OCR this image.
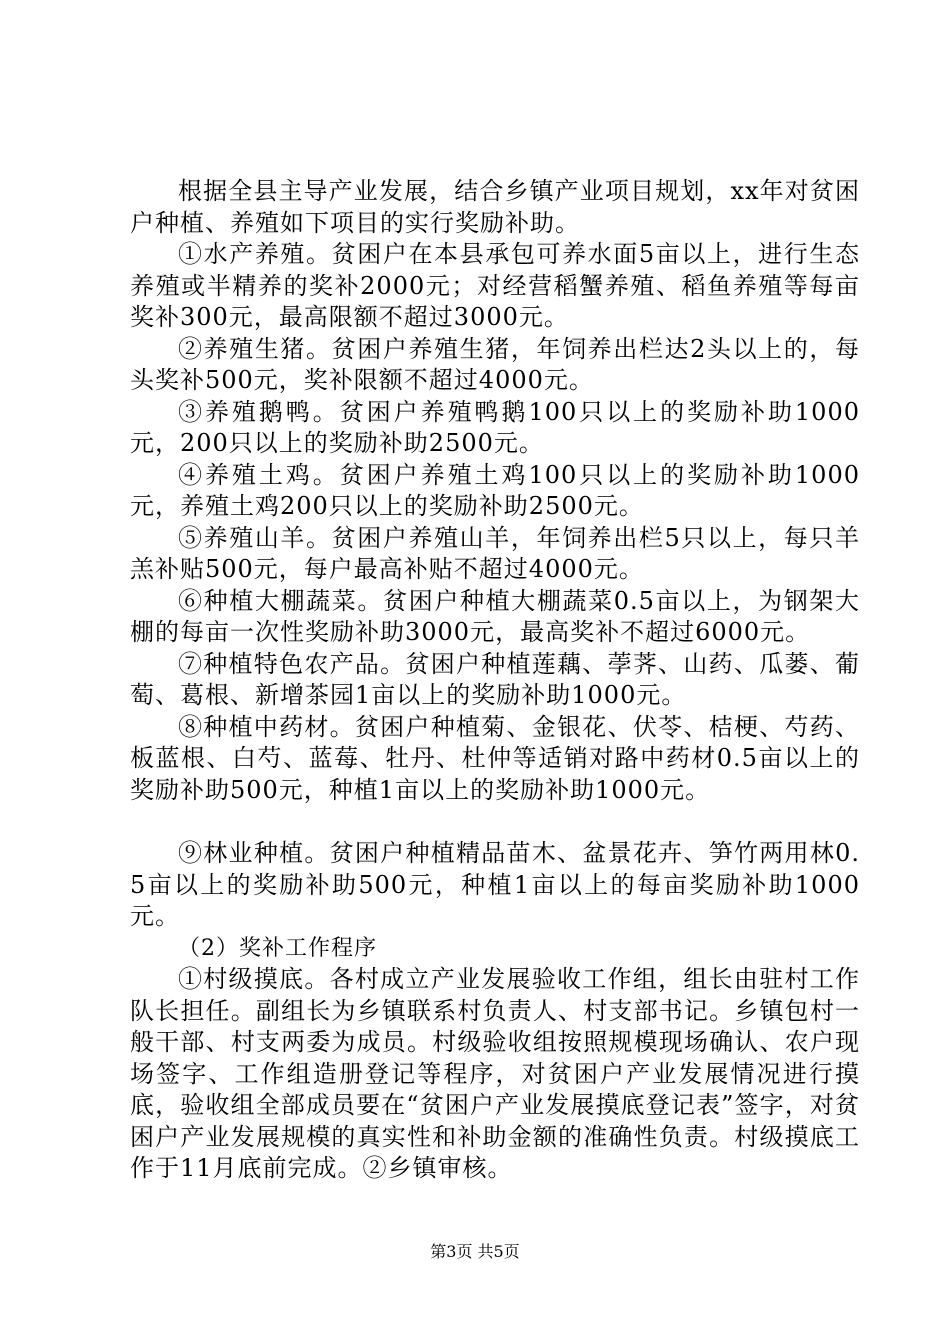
根据全县主导产业发展，结合乡镇产业项目规划，xx年对贫困户种植、养殖如下项目的实行奖励补助。

①水产养殖。贫困户在本县承包可养水面5亩以上，进行生态养殖或半精养的奖补2000元；对经营稻蟹养殖、稻鱼养殖等每亩奖补300元，最高限额不超过3000元。

②养殖生猪。贫困户养殖生猪，年饲养出栏达2头以上的，每头奖补500元，奖补限额不超过4000元。

③养殖鹅鸭。贫困户养殖鸭鹅100只以上的奖励补助1000元，200只以上的奖励补助2500元。

④养殖土鸡。贫困户养殖土鸡100只以上的奖励补助1000元，养殖土鸡200只以上的奖励补助2500元。

⑤养殖山羊。贫困户养殖山羊，年饲养出栏5只以上，每只羊羔补贴500元，每户最高补贴不超过4000元。

⑥种植大棚蔬菜。贫困户种植大棚蔬菜0.5亩以上，为钢架大棚的每亩一次性奖励补助3000元，最高奖补不超过6000元。

⑦种植特色农产品。贫困户种植莲藕、荸荠、山药、瓜蒌、葡萄、葛根、新增茶园1亩以上的奖励补助1000元。

⑧种植中药材。贫困户种植菊、金银花、伏苓、桔梗、芍药、板蓝根、白芍、蓝莓、牡丹、杜仲等适销对路中药材0.5亩以上的奖励补助500元，种植1亩以上的奖励补助1000元。

⑨林业种植。贫困户种植精品苗木、盆景花卉、笋竹两用林0.5亩以上的奖励补助500元，种植1亩以上的每亩奖励补助1000元。

（2）奖补工作程序

①村级摸底。各村成立产业发展验收工作组，组长由驻村工作队长担任。副组长为乡镇联系村负责人、村支部书记。乡镇包村一般干部、村支两委为成员。村级验收组按照规模现场确认、农户现场签字、工作组造册登记等程序，对贫困户产业发展情况进行摸底，验收组全部成员要在“贫困户产业发展摸底登记表”签字，对贫困户产业发展规模的真实性和补助金额的准确性负责。村级摸底工作于11月底前完成。②乡镇审核。

第3页 共5页
